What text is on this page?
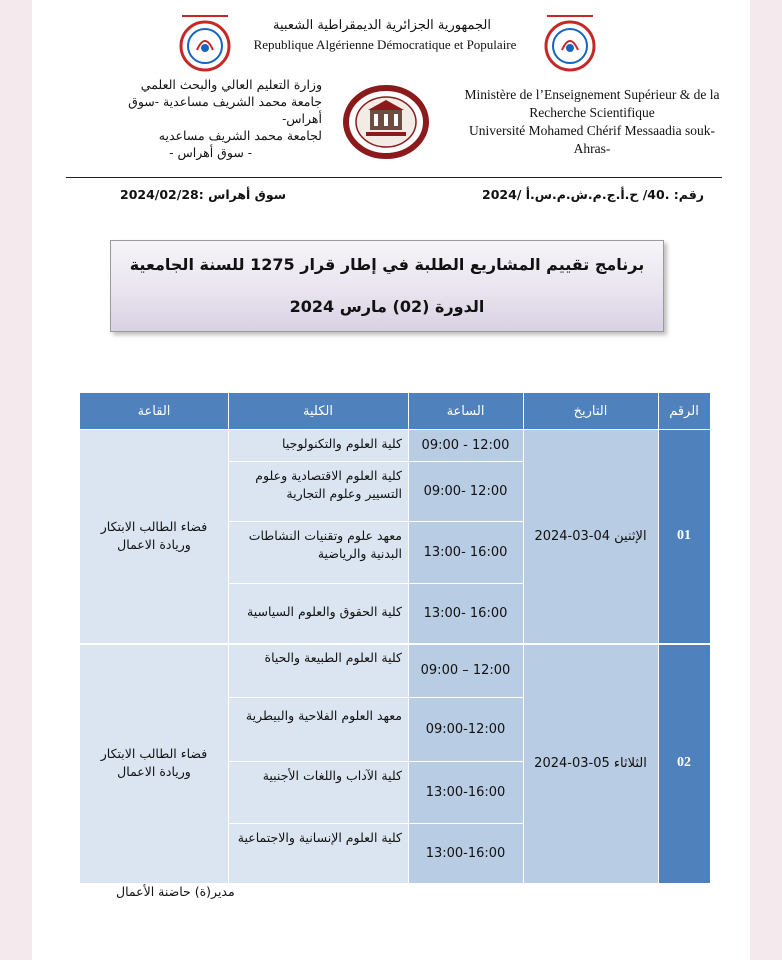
الجمهورية الجزائرية الديمقراطية الشعبية
Republique Algérienne Démocratique et Populaire
وزارة التعليم العالي والبحث العلمي
جامعة محمد الشريف مساعدية -سوق أهراس-
لجامعة محمد الشريف مساعديه
- سوق أهراس -
Ministère de l’Enseignement Supérieur & de la
Recherche Scientifique
Université Mohamed Chérif Messaadia souk-
Ahras-
رقم: .40/ ح.أ.ج.م.ش.م.س.أ /2024
سوق أهراس :2024/02/28
برنامج تقييم المشاريع الطلبة في إطار قرار 1275 للسنة الجامعية
الدورة (02) مارس 2024
الرقم
التاريخ
الساعة
الكلية
القاعة
01
الإثنين 04-03-2024
فضاء الطالب الابتكار وريادة الاعمال
09:00 - 12:00
كلية العلوم والتكنولوجيا
09:00- 12:00
كلية العلوم الاقتصادية وعلوم التسيير وعلوم التجارية
13:00- 16:00
معهد علوم وتقنيات النشاطات البدنية والرياضية
13:00- 16:00
كلية الحقوق والعلوم السياسية
02
الثلاثاء 05-03-2024
فضاء الطالب الابتكار وريادة الاعمال
09:00 – 12:00
كلية العلوم الطبيعة والحياة
09:00-12:00
معهد العلوم الفلاحية والبيطرية
13:00-16:00
كلية الآداب واللغات الأجنبية
13:00-16:00
كلية العلوم الإنسانية والاجتماعية
مدير(ة) حاضنة الأعمال
